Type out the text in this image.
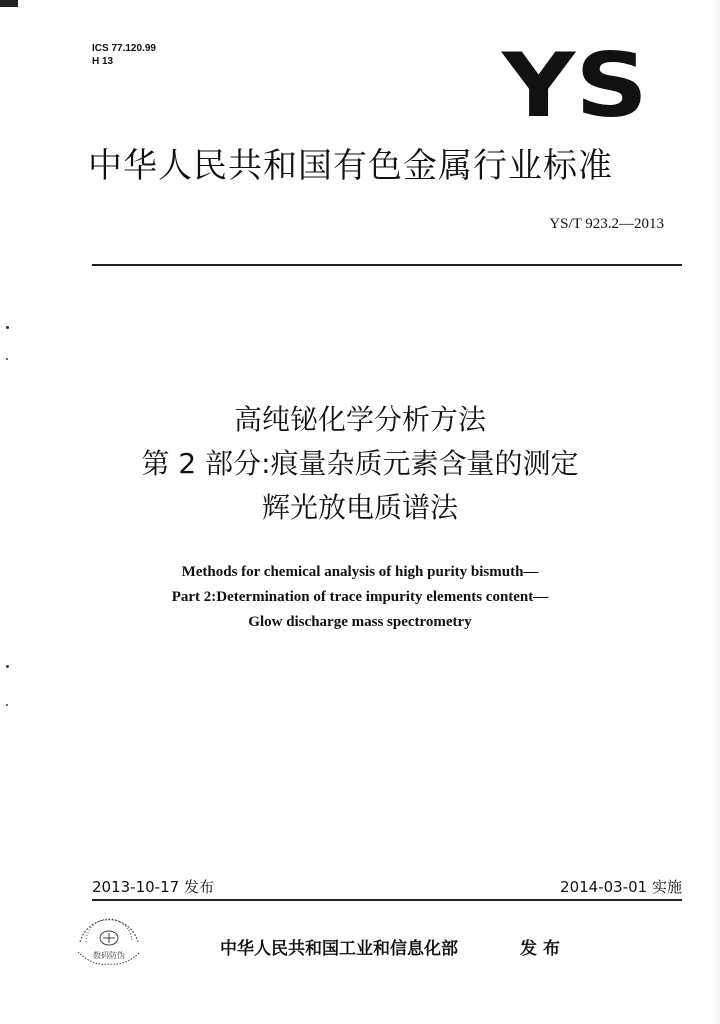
ICS 77.120.99
H 13	YS
中华人民共和国有色金属行业标准
YS/T 923.2—2013
高纯铋化学分析方法
第 2 部分:痕量杂质元素含量的测定
辉光放电质谱法
Methods for chemical analysis of high purity bismuth—
Part 2:Determination of trace impurity elements content—
Glow discharge mass spectrometry
2013-10-17 发布	2014-03-01 实施
数码防伪	中华人民共和国工业和信息化部	发布
